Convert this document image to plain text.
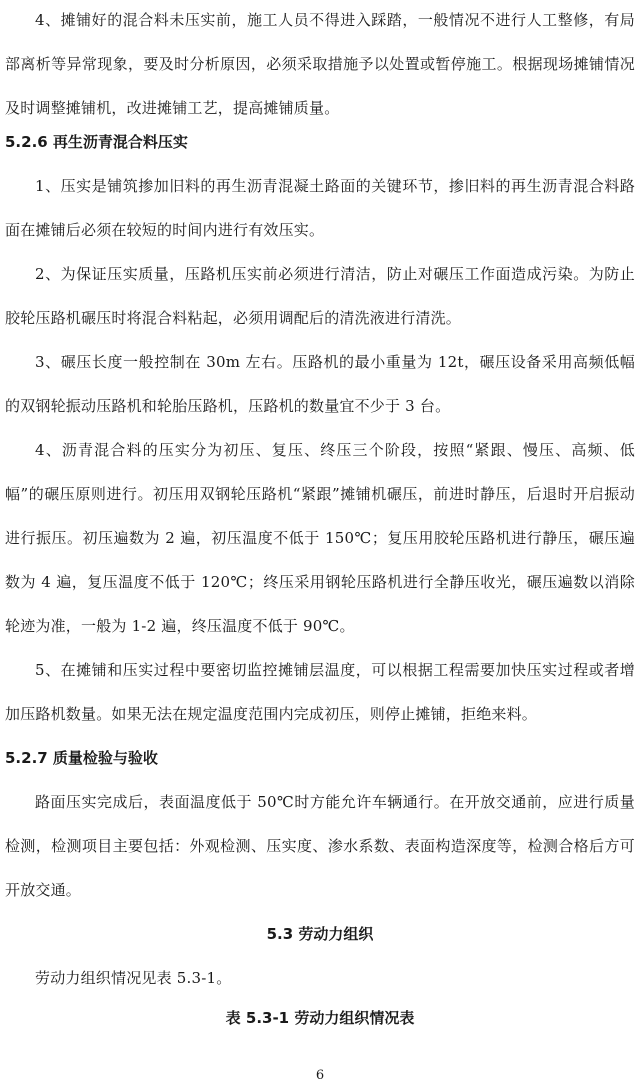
4、摊铺好的混合料未压实前，施工人员不得进入踩踏，一般情况不进行人工整修，有局部离析等异常现象，要及时分析原因，必须采取措施予以处置或暂停施工。根据现场摊铺情况及时调整摊铺机，改进摊铺工艺，提高摊铺质量。

5.2.6 再生沥青混合料压实

1、压实是铺筑掺加旧料的再生沥青混凝土路面的关键环节，掺旧料的再生沥青混合料路面在摊铺后必须在较短的时间内进行有效压实。

2、为保证压实质量，压路机压实前必须进行清洁，防止对碾压工作面造成污染。为防止胶轮压路机碾压时将混合料粘起，必须用调配后的清洗液进行清洗。

3、碾压长度一般控制在 30m 左右。压路机的最小重量为 12t，碾压设备采用高频低幅的双钢轮振动压路机和轮胎压路机，压路机的数量宜不少于 3 台。

4、沥青混合料的压实分为初压、复压、终压三个阶段，按照“紧跟、慢压、高频、低幅”的碾压原则进行。初压用双钢轮压路机“紧跟”摊铺机碾压，前进时静压，后退时开启振动进行振压。初压遍数为 2 遍，初压温度不低于 150℃；复压用胶轮压路机进行静压，碾压遍数为 4 遍，复压温度不低于 120℃；终压采用钢轮压路机进行全静压收光，碾压遍数以消除轮迹为准，一般为 1-2 遍，终压温度不低于 90℃。

5、在摊铺和压实过程中要密切监控摊铺层温度，可以根据工程需要加快压实过程或者增加压路机数量。如果无法在规定温度范围内完成初压，则停止摊铺，拒绝来料。

5.2.7 质量检验与验收

路面压实完成后，表面温度低于 50℃时方能允许车辆通行。在开放交通前，应进行质量检测，检测项目主要包括：外观检测、压实度、渗水系数、表面构造深度等，检测合格后方可开放交通。

5.3 劳动力组织

劳动力组织情况见表 5.3-1。

表 5.3-1 劳动力组织情况表

6
